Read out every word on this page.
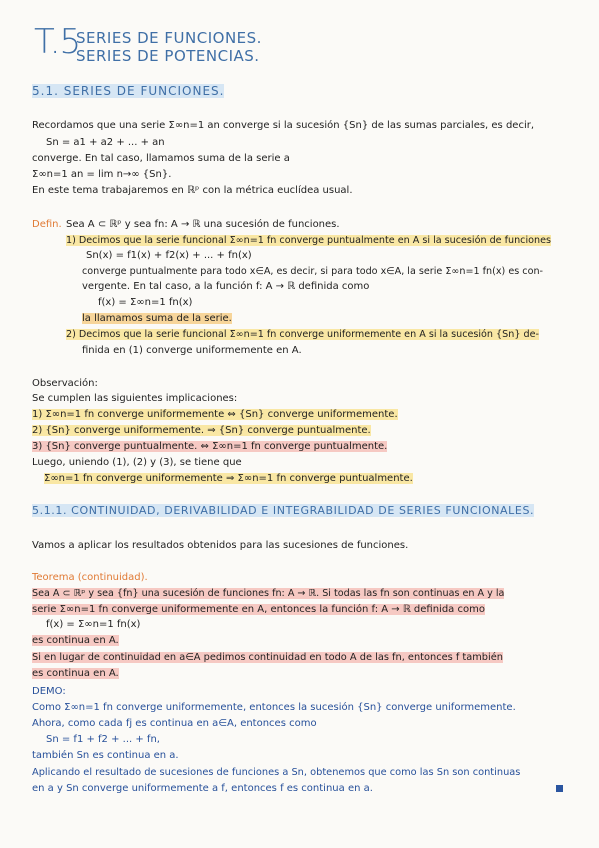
T.5
SERIES DE FUNCIONES.
SERIES DE POTENCIAS.
5.1. SERIES DE FUNCIONES.
Recordamos que una serie Σ∞n=1 an converge si la sucesión {Sn} de las sumas parciales, es decir,
Sn = a1 + a2 + ... + an
converge. En tal caso, llamamos suma de la serie a
Σ∞n=1 an = lim n→∞ {Sn}.
En este tema trabajaremos en ℝᵖ con la métrica euclídea usual.
Defin. Sea A ⊂ ℝᵖ y sea fn: A → ℝ una sucesión de funciones.
1) Decimos que la serie funcional Σ∞n=1 fn converge puntualmente en A si la sucesión de funciones
Sn(x) = f1(x) + f2(x) + ... + fn(x)
converge puntualmente para todo x∈A, es decir, si para todo x∈A, la serie Σ∞n=1 fn(x) es con-
vergente. En tal caso, a la función f: A → ℝ definida como
f(x) = Σ∞n=1 fn(x)
la llamamos suma de la serie.
2) Decimos que la serie funcional Σ∞n=1 fn converge uniformemente en A si la sucesión {Sn} de-
finida en (1) converge uniformemente en A.
Observación:
Se cumplen las siguientes implicaciones:
1) Σ∞n=1 fn converge uniformemente ⇔ {Sn} converge uniformemente.
2) {Sn} converge uniformemente. ⇒ {Sn} converge puntualmente.
3) {Sn} converge puntualmente. ⇔ Σ∞n=1 fn converge puntualmente.
Luego, uniendo (1), (2) y (3), se tiene que
Σ∞n=1 fn converge uniformemente ⇒ Σ∞n=1 fn converge puntualmente.
5.1.1. CONTINUIDAD, DERIVABILIDAD E INTEGRABILIDAD DE SERIES FUNCIONALES.
Vamos a aplicar los resultados obtenidos para las sucesiones de funciones.
Teorema (continuidad).
Sea A ⊂ ℝᵖ y sea {fn} una sucesión de funciones fn: A → ℝ. Si todas las fn son continuas en A y la
serie Σ∞n=1 fn converge uniformemente en A, entonces la función f: A → ℝ definida como
f(x) = Σ∞n=1 fn(x)
es continua en A.
Si en lugar de continuidad en a∈A pedimos continuidad en todo A de las fn, entonces f también
es continua en A.
DEMO:
Como Σ∞n=1 fn converge uniformemente, entonces la sucesión {Sn} converge uniformemente.
Ahora, como cada fj es continua en a∈A, entonces como
Sn = f1 + f2 + ... + fn,
también Sn es continua en a.
Aplicando el resultado de sucesiones de funciones a Sn, obtenemos que como las Sn son continuas
en a y Sn converge uniformemente a f, entonces f es continua en a.
